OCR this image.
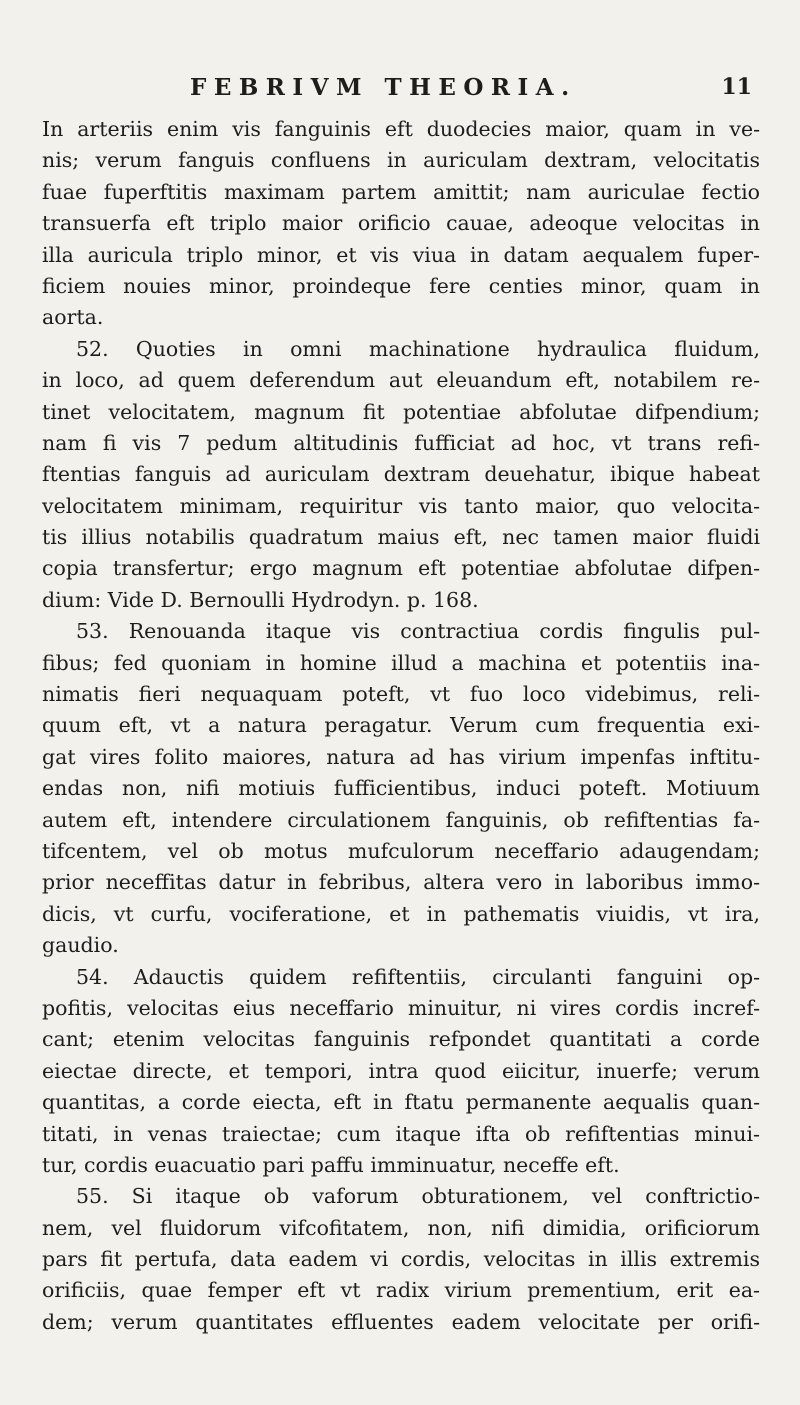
FEBRIVM THEORIA.	11
In arteriis enim vis fanguinis eft duodecies maior, quam in ve-
nis; verum fanguis confluens in auriculam dextram, velocitatis
fuae fuperftitis maximam partem amittit; nam auriculae fectio
transuerfa eft triplo maior orificio cauae, adeoque velocitas in
illa auricula triplo minor, et vis viua in datam aequalem fuper-
ficiem nouies minor, proindeque fere centies minor, quam in
aorta.
52. Quoties in omni machinatione hydraulica fluidum,
in loco, ad quem deferendum aut eleuandum eft, notabilem re-
tinet velocitatem, magnum fit potentiae abfolutae difpendium;
nam fi vis 7 pedum altitudinis fufficiat ad hoc, vt trans refi-
ftentias fanguis ad auriculam dextram deuehatur, ibique habeat
velocitatem minimam, requiritur vis tanto maior, quo velocita-
tis illius notabilis quadratum maius eft, nec tamen maior fluidi
copia transfertur; ergo magnum eft potentiae abfolutae difpen-
dium: Vide D. Bernoulli Hydrodyn. p. 168.
53. Renouanda itaque vis contractiua cordis fingulis pul-
fibus; fed quoniam in homine illud a machina et potentiis ina-
nimatis fieri nequaquam poteft, vt fuo loco videbimus, reli-
quum eft, vt a natura peragatur. Verum cum frequentia exi-
gat vires folito maiores, natura ad has virium impenfas inftitu-
endas non, nifi motiuis fufficientibus, induci poteft. Motiuum
autem eft, intendere circulationem fanguinis, ob refiftentias fa-
tifcentem, vel ob motus mufculorum neceffario adaugendam;
prior neceffitas datur in febribus, altera vero in laboribus immo-
dicis, vt curfu, vociferatione, et in pathematis viuidis, vt ira,
gaudio.
54. Adauctis quidem refiftentiis, circulanti fanguini op-
pofitis, velocitas eius neceffario minuitur, ni vires cordis incref-
cant; etenim velocitas fanguinis refpondet quantitati a corde
eiectae directe, et tempori, intra quod eiicitur, inuerfe; verum
quantitas, a corde eiecta, eft in ftatu permanente aequalis quan-
titati, in venas traiectae; cum itaque ifta ob refiftentias minui-
tur, cordis euacuatio pari paffu imminuatur, neceffe eft.
55. Si itaque ob vaforum obturationem, vel conftrictio-
nem, vel fluidorum vifcofitatem, non, nifi dimidia, orificiorum
pars fit pertufa, data eadem vi cordis, velocitas in illis extremis
orificiis, quae femper eft vt radix virium prementium, erit ea-
dem; verum quantitates effluentes eadem velocitate per orifi-
